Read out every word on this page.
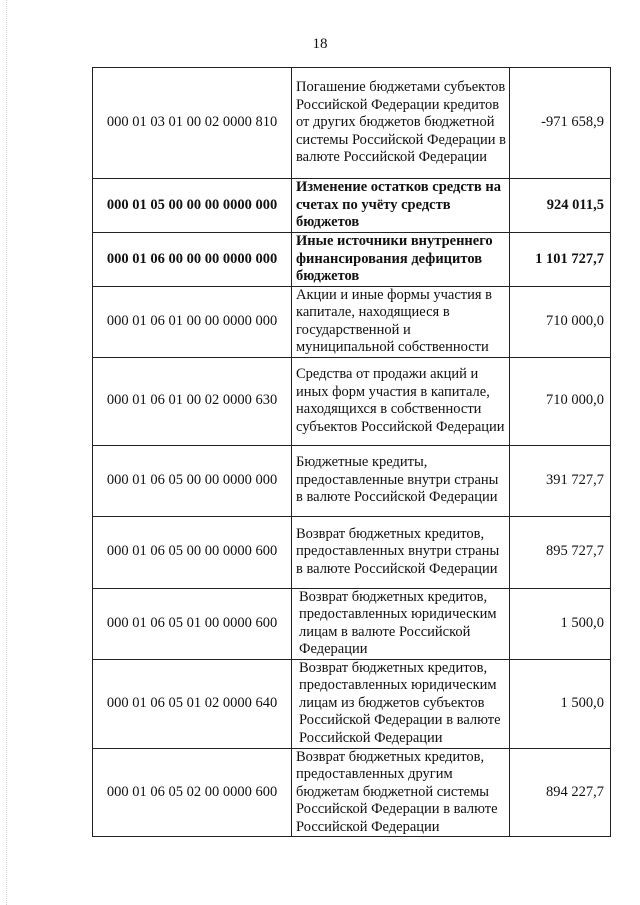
18
000 01 03 01 00 02 0000 810	Погашение бюджетами субъектов Российской Федерации кредитов от других бюджетов бюджетной системы Российской Федерации в валюте Российской Федерации	-971 658,9
000 01 05 00 00 00 0000 000	Изменение остатков средств на счетах по учёту средств бюджетов	924 011,5
000 01 06 00 00 00 0000 000	Иные источники внутреннего финансирования дефицитов бюджетов	1 101 727,7
000 01 06 01 00 00 0000 000	Акции и иные формы участия в капитале, находящиеся в государственной и муниципальной собственности	710 000,0
000 01 06 01 00 02 0000 630	Средства от продажи акций и иных форм участия в капитале, находящихся в собственности субъектов Российской Федерации	710 000,0
000 01 06 05 00 00 0000 000	Бюджетные кредиты, предоставленные внутри страны в валюте Российской Федерации	391 727,7
000 01 06 05 00 00 0000 600	Возврат бюджетных кредитов, предоставленных внутри страны в валюте Российской Федерации	895 727,7
000 01 06 05 01 00 0000 600	Возврат бюджетных кредитов, предоставленных юридическим лицам в валюте Российской Федерации	1 500,0
000 01 06 05 01 02 0000 640	Возврат бюджетных кредитов, предоставленных юридическим лицам из бюджетов субъектов Российской Федерации в валюте Российской Федерации	1 500,0
000 01 06 05 02 00 0000 600	Возврат бюджетных кредитов, предоставленных другим бюджетам бюджетной системы Российской Федерации в валюте Российской Федерации	894 227,7
